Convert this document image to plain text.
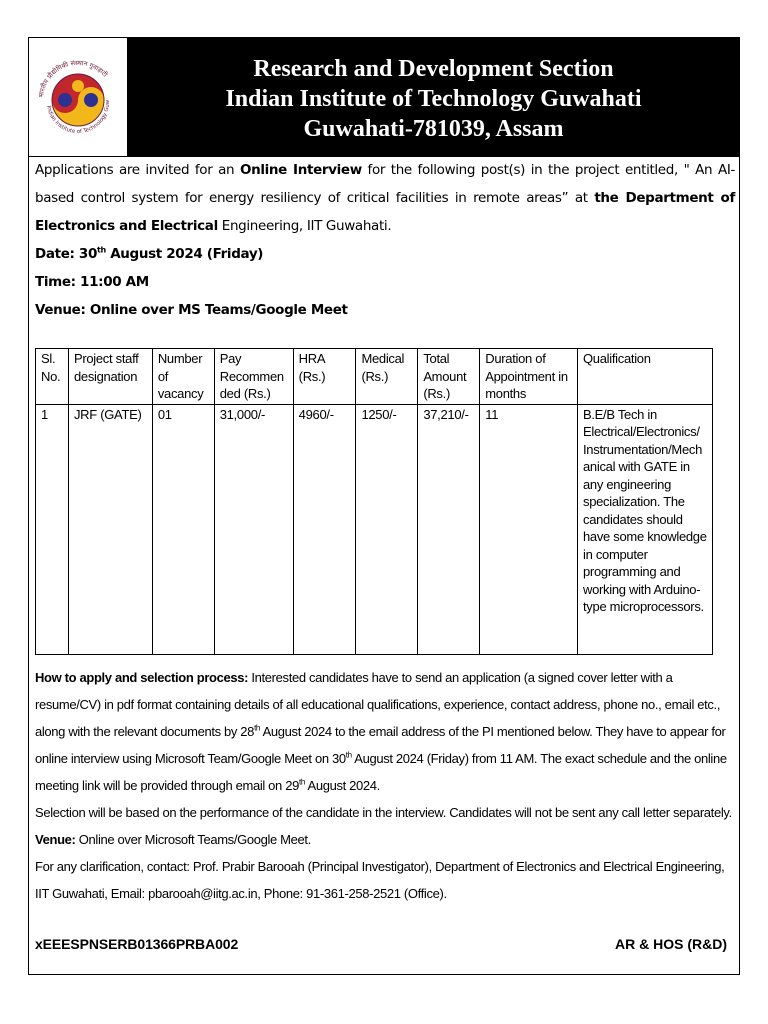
भारतीय प्रौद्योगिकी संस्थान गुवाहाटी
Indian Institute of Technology Guw
Research and Development Section
Indian Institute of Technology Guwahati
Guwahati-781039, Assam

Applications are invited for an Online Interview for the following post(s) in the project entitled, " An AI-based control system for energy resiliency of critical facilities in remote areas” at the Department of Electronics and Electrical Engineering, IIT Guwahati.

Date: 30th August 2024 (Friday)

Time: 11:00 AM

Venue: Online over MS Teams/Google Meet

Sl. No.	Project staff designation	Number of vacancy	Pay Recommen ded (Rs.)	HRA (Rs.)	Medical (Rs.)	Total Amount (Rs.)	Duration of Appointment in months	Qualification
1	JRF (GATE)	01	31,000/-	4960/-	1250/-	37,210/-	11	B.E/B Tech in Electrical/Electronics/ Instrumentation/Mech anical with GATE in any engineering specialization. The candidates should have some knowledge in computer programming and working with Arduino-type microprocessors.

How to apply and selection process: Interested candidates have to send an application (a signed cover letter with a resume/CV) in pdf format containing details of all educational qualifications, experience, contact address, phone no., email etc., along with the relevant documents by 28th August 2024 to the email address of the PI mentioned below. They have to appear for online interview using Microsoft Team/Google Meet on 30th August 2024 (Friday) from 11 AM. The exact schedule and the online meeting link will be provided through email on 29th August 2024.

Selection will be based on the performance of the candidate in the interview. Candidates will not be sent any call letter separately.

Venue: Online over Microsoft Teams/Google Meet.

For any clarification, contact: Prof. Prabir Barooah (Principal Investigator), Department of Electronics and Electrical Engineering, IIT Guwahati, Email: pbarooah@iitg.ac.in, Phone: 91-361-258-2521 (Office).

xEEESPNSERB01366PRBA002	AR & HOS (R&D)
